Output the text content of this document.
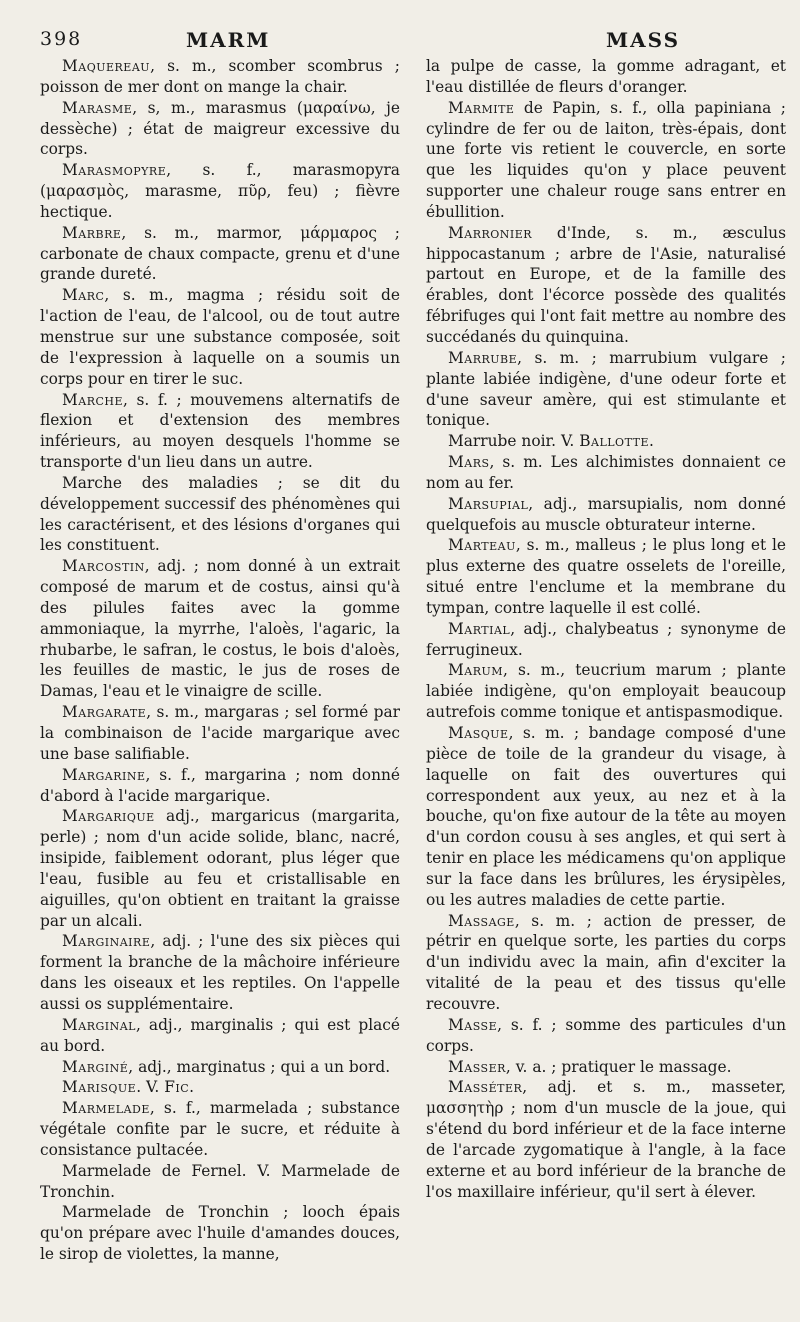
398	MARM	MASS

Maquereau, s. m., scomber scombrus ; poisson de mer dont on mange la chair.

Marasme, s, m., marasmus (μαραίνω, je dessèche) ; état de maigreur excessive du corps.

Marasmopyre, s. f., marasmopyra (μαρασμὸς, marasme, πῦρ, feu) ; fièvre hectique.

Marbre, s. m., marmor, μάρμαρος ; carbonate de chaux compacte, grenu et d'une grande dureté.

Marc, s. m., magma ; résidu soit de l'action de l'eau, de l'alcool, ou de tout autre menstrue sur une substance composée, soit de l'expression à laquelle on a soumis un corps pour en tirer le suc.

Marche, s. f. ; mouvemens alternatifs de flexion et d'extension des membres inférieurs, au moyen desquels l'homme se transporte d'un lieu dans un autre.

Marche des maladies ; se dit du développement successif des phénomènes qui les caractérisent, et des lésions d'organes qui les constituent.

Marcostin, adj. ; nom donné à un extrait composé de marum et de costus, ainsi qu'à des pilules faites avec la gomme ammoniaque, la myrrhe, l'aloès, l'agaric, la rhubarbe, le safran, le costus, le bois d'aloès, les feuilles de mastic, le jus de roses de Damas, l'eau et le vinaigre de scille.

Margarate, s. m., margaras ; sel formé par la combinaison de l'acide margarique avec une base salifiable.

Margarine, s. f., margarina ; nom donné d'abord à l'acide margarique.

Margarique adj., margaricus (margarita, perle) ; nom d'un acide solide, blanc, nacré, insipide, faiblement odorant, plus léger que l'eau, fusible au feu et cristallisable en aiguilles, qu'on obtient en traitant la graisse par un alcali.

Marginaire, adj. ; l'une des six pièces qui forment la branche de la mâchoire inférieure dans les oiseaux et les reptiles. On l'appelle aussi os supplémentaire.

Marginal, adj., marginalis ; qui est placé au bord.

Marginé, adj., marginatus ; qui a un bord.

Marisque. V. Fic.

Marmelade, s. f., marmelada ; substance végétale confite par le sucre, et réduite à consistance pultacée.

Marmelade de Fernel. V. Marmelade de Tronchin.

Marmelade de Tronchin ; looch épais qu'on prépare avec l'huile d'amandes douces, le sirop de violettes, la manne,

la pulpe de casse, la gomme adragant, et l'eau distillée de fleurs d'oranger.

Marmite de Papin, s. f., olla papiniana ; cylindre de fer ou de laiton, très-épais, dont une forte vis retient le couvercle, en sorte que les liquides qu'on y place peuvent supporter une chaleur rouge sans entrer en ébullition.

Marronier d'Inde, s. m., æsculus hippocastanum ; arbre de l'Asie, naturalisé partout en Europe, et de la famille des érables, dont l'écorce possède des qualités fébrifuges qui l'ont fait mettre au nombre des succédanés du quinquina.

Marrube, s. m. ; marrubium vulgare ; plante labiée indigène, d'une odeur forte et d'une saveur amère, qui est stimulante et tonique.

Marrube noir. V. Ballotte.

Mars, s. m. Les alchimistes donnaient ce nom au fer.

Marsupial, adj., marsupialis, nom donné quelquefois au muscle obturateur interne.

Marteau, s. m., malleus ; le plus long et le plus externe des quatre osselets de l'oreille, situé entre l'enclume et la membrane du tympan, contre laquelle il est collé.

Martial, adj., chalybeatus ; synonyme de ferrugineux.

Marum, s. m., teucrium marum ; plante labiée indigène, qu'on employait beaucoup autrefois comme tonique et antispasmodique.

Masque, s. m. ; bandage composé d'une pièce de toile de la grandeur du visage, à laquelle on fait des ouvertures qui correspondent aux yeux, au nez et à la bouche, qu'on fixe autour de la tête au moyen d'un cordon cousu à ses angles, et qui sert à tenir en place les médicamens qu'on applique sur la face dans les brûlures, les érysipèles, ou les autres maladies de cette partie.

Massage, s. m. ; action de presser, de pétrir en quelque sorte, les parties du corps d'un individu avec la main, afin d'exciter la vitalité de la peau et des tissus qu'elle recouvre.

Masse, s. f. ; somme des particules d'un corps.

Masser, v. a. ; pratiquer le massage.

Masséter, adj. et s. m., masseter, μασσητὴρ ; nom d'un muscle de la joue, qui s'étend du bord inférieur et de la face interne de l'arcade zygomatique à l'angle, à la face externe et au bord inférieur de la branche de l'os maxillaire inférieur, qu'il sert à élever.
